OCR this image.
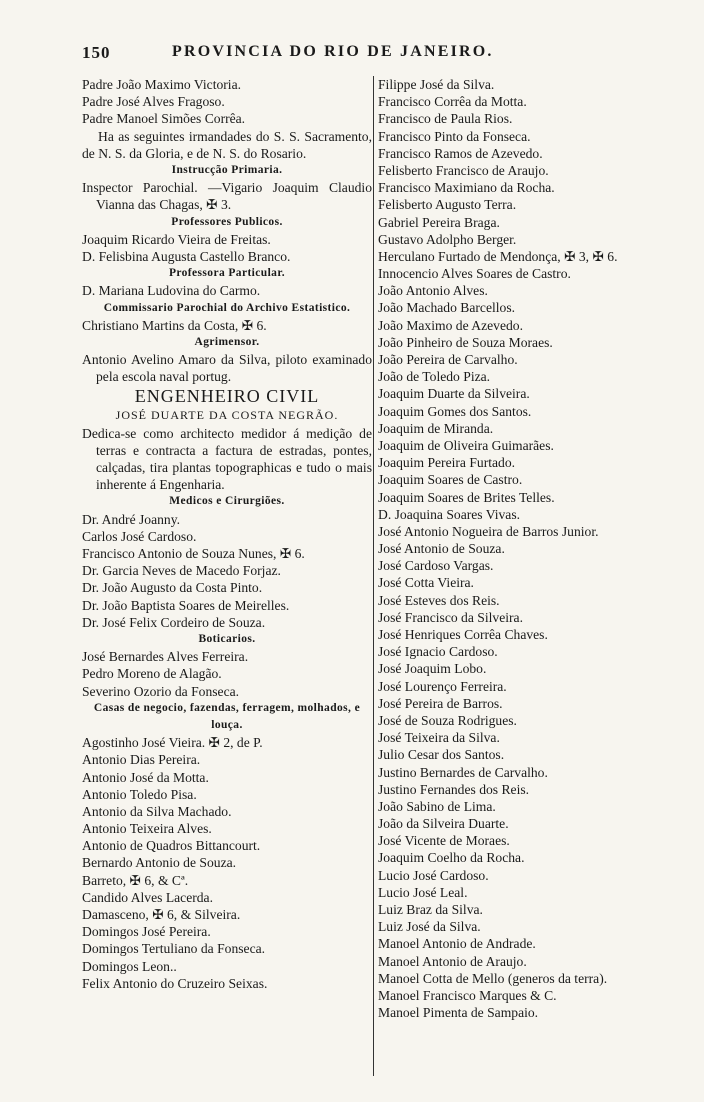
150	PROVINCIA DO RIO DE JANEIRO.
Padre João Maximo Victoria.
Padre José Alves Fragoso.
Padre Manoel Simões Corrêa.
Ha as seguintes irmandades do S. S. Sacramento, de N. S. da Gloria, e de N. S. do Rosario.
Instrucção Primaria.
Inspector Parochial. —Vigario Joaquim Claudio Vianna das Chagas, ✠ 3.
Professores Publicos.
Joaquim Ricardo Vieira de Freitas.
D. Felisbina Augusta Castello Branco.
Professora Particular.
D. Mariana Ludovina do Carmo.
Commissario Parochial do Archivo Estatistico.
Christiano Martins da Costa, ✠ 6.
Agrimensor.
Antonio Avelino Amaro da Silva, piloto examinado pela escola naval portug.
ENGENHEIRO CIVIL
JOSÉ DUARTE DA COSTA NEGRÃO.
Dedica-se como architecto medidor á medição de terras e contracta a factura de estradas, pontes, calçadas, tira plantas topographicas e tudo o mais inherente á Engenharia.
Medicos e Cirurgiões.
Dr. André Joanny.
Carlos José Cardoso.
Francisco Antonio de Souza Nunes, ✠ 6.
Dr. Garcia Neves de Macedo Forjaz.
Dr. João Augusto da Costa Pinto.
Dr. João Baptista Soares de Meirelles.
Dr. José Felix Cordeiro de Souza.
Boticarios.
José Bernardes Alves Ferreira.
Pedro Moreno de Alagão.
Severino Ozorio da Fonseca.
Casas de negocio, fazendas, ferragem, molhados, e louça.
Agostinho José Vieira. ✠ 2, de P.
Antonio Dias Pereira.
Antonio José da Motta.
Antonio Toledo Pisa.
Antonio da Silva Machado.
Antonio Teixeira Alves.
Antonio de Quadros Bittancourt.
Bernardo Antonio de Souza.
Barreto, ✠ 6, & Cª.
Candido Alves Lacerda.
Damasceno, ✠ 6, & Silveira.
Domingos José Pereira.
Domingos Tertuliano da Fonseca.
Domingos Leon..
Felix Antonio do Cruzeiro Seixas.
Filippe José da Silva.
Francisco Corrêa da Motta.
Francisco de Paula Rios.
Francisco Pinto da Fonseca.
Francisco Ramos de Azevedo.
Felisberto Francisco de Araujo.
Francisco Maximiano da Rocha.
Felisberto Augusto Terra.
Gabriel Pereira Braga.
Gustavo Adolpho Berger.
Herculano Furtado de Mendonça, ✠ 3, ✠ 6.
Innocencio Alves Soares de Castro.
João Antonio Alves.
João Machado Barcellos.
João Maximo de Azevedo.
João Pinheiro de Souza Moraes.
João Pereira de Carvalho.
João de Toledo Piza.
Joaquim Duarte da Silveira.
Joaquim Gomes dos Santos.
Joaquim de Miranda.
Joaquim de Oliveira Guimarães.
Joaquim Pereira Furtado.
Joaquim Soares de Castro.
Joaquim Soares de Brites Telles.
D. Joaquina Soares Vivas.
José Antonio Nogueira de Barros Junior.
José Antonio de Souza.
José Cardoso Vargas.
José Cotta Vieira.
José Esteves dos Reis.
José Francisco da Silveira.
José Henriques Corrêa Chaves.
José Ignacio Cardoso.
José Joaquim Lobo.
José Lourenço Ferreira.
José Pereira de Barros.
José de Souza Rodrigues.
José Teixeira da Silva.
Julio Cesar dos Santos.
Justino Bernardes de Carvalho.
Justino Fernandes dos Reis.
João Sabino de Lima.
João da Silveira Duarte.
José Vicente de Moraes.
Joaquim Coelho da Rocha.
Lucio José Cardoso.
Lucio José Leal.
Luiz Braz da Silva.
Luiz José da Silva.
Manoel Antonio de Andrade.
Manoel Antonio de Araujo.
Manoel Cotta de Mello (generos da terra).
Manoel Francisco Marques & C.
Manoel Pimenta de Sampaio.
